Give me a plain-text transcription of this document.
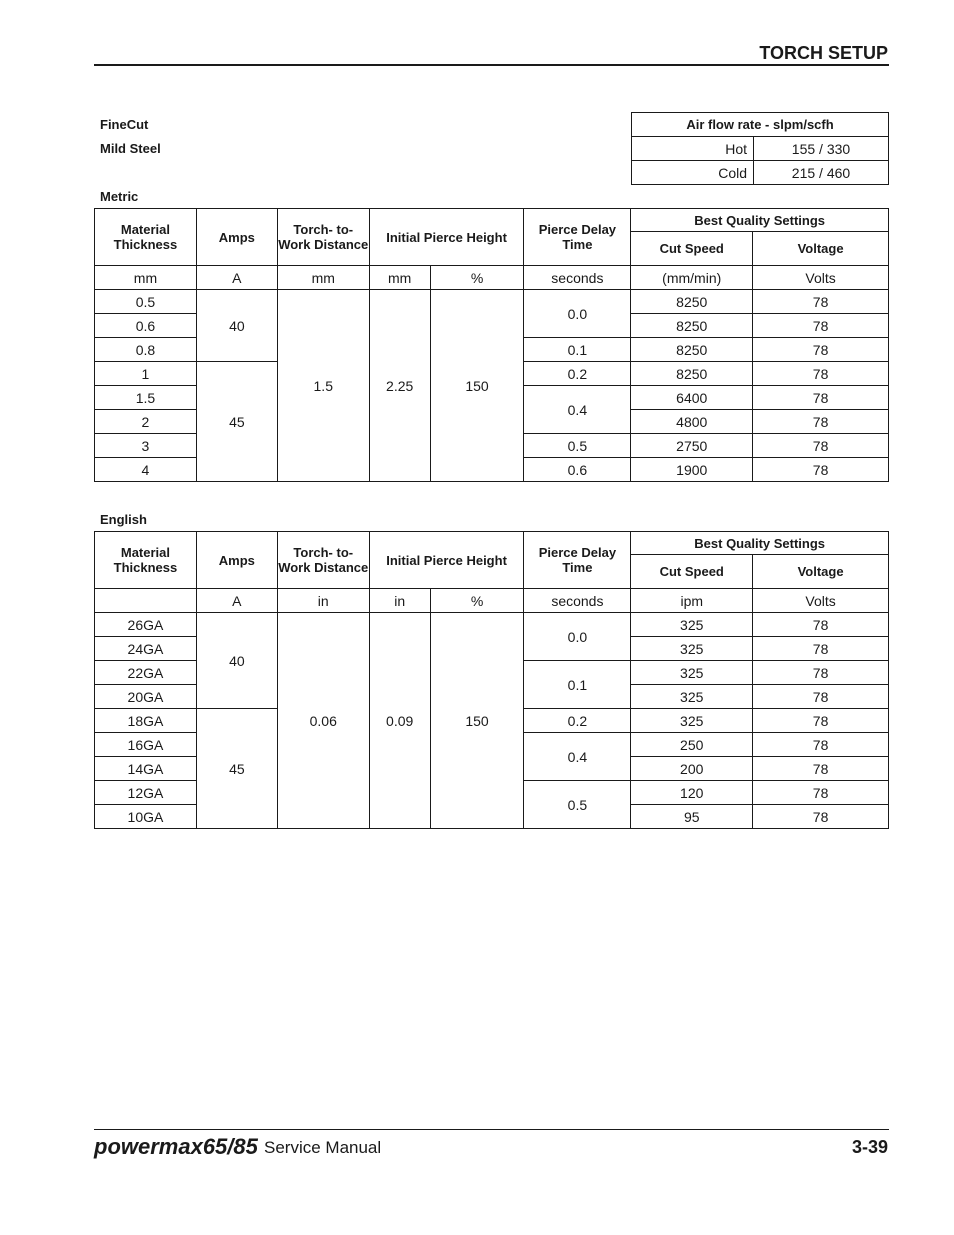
TORCH SETUP
FineCut
Mild Steel
Air flow rate - slpm/scfh	
Hot	155 / 330
Cold	215 / 460
Metric
Material Thickness	Amps	Torch- to-Work Distance	Initial Pierce Height		Pierce Delay Time	Best Quality Settings	
						Cut Speed	Voltage
mm	A	mm	mm	%	seconds	(mm/min)	Volts
0.5	40	1.5	2.25	150	0.0	8250	78
0.6						8250	78
0.8					0.1	8250	78
1	45				0.2	8250	78
1.5					0.4	6400	78
2						4800	78
3					0.5	2750	78
4					0.6	1900	78
English
Material Thickness	Amps	Torch- to-Work Distance	Initial Pierce Height		Pierce Delay Time	Best Quality Settings	
						Cut Speed	Voltage
	A	in	in	%	seconds	ipm	Volts
26GA	40	0.06	0.09	150	0.0	325	78
24GA						325	78
22GA					0.1	325	78
20GA						325	78
18GA	45				0.2	325	78
16GA					0.4	250	78
14GA						200	78
12GA					0.5	120	78
10GA						95	78
powermax65/85 Service Manual	3-39
